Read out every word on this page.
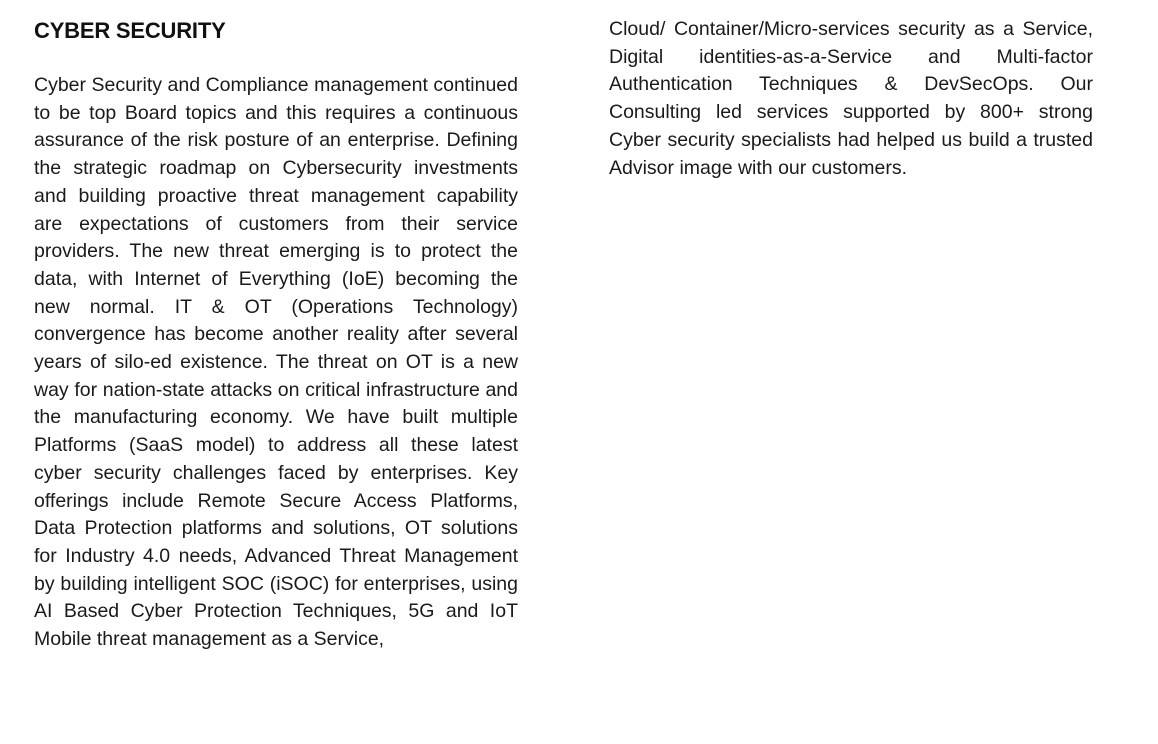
CYBER SECURITY

Cyber Security and Compliance management continued to be top Board topics and this requires a continuous assurance of the risk posture of an enterprise. Defining the strategic roadmap on Cybersecurity investments and building proactive threat management capability are expectations of customers from their service providers. The new threat emerging is to protect the data, with Internet of Everything (IoE) becoming the new normal. IT & OT (Operations Technology) convergence has become another reality after several years of silo-ed existence. The threat on OT is a new way for nation-state attacks on critical infrastructure and the manufacturing economy. We have built multiple Platforms (SaaS model) to address all these latest cyber security challenges faced by enterprises. Key offerings include Remote Secure Access Platforms, Data Protection platforms and solutions, OT solutions for Industry 4.0 needs, Advanced Threat Management by building intelligent SOC (iSOC) for enterprises, using AI Based Cyber Protection Techniques, 5G and IoT Mobile threat management as a Service,

Cloud/ Container/Micro-services security as a Service, Digital identities-as-a-Service and Multi-factor Authentication Techniques & DevSecOps. Our Consulting led services supported by 800+ strong Cyber security specialists had helped us build a trusted Advisor image with our customers.
